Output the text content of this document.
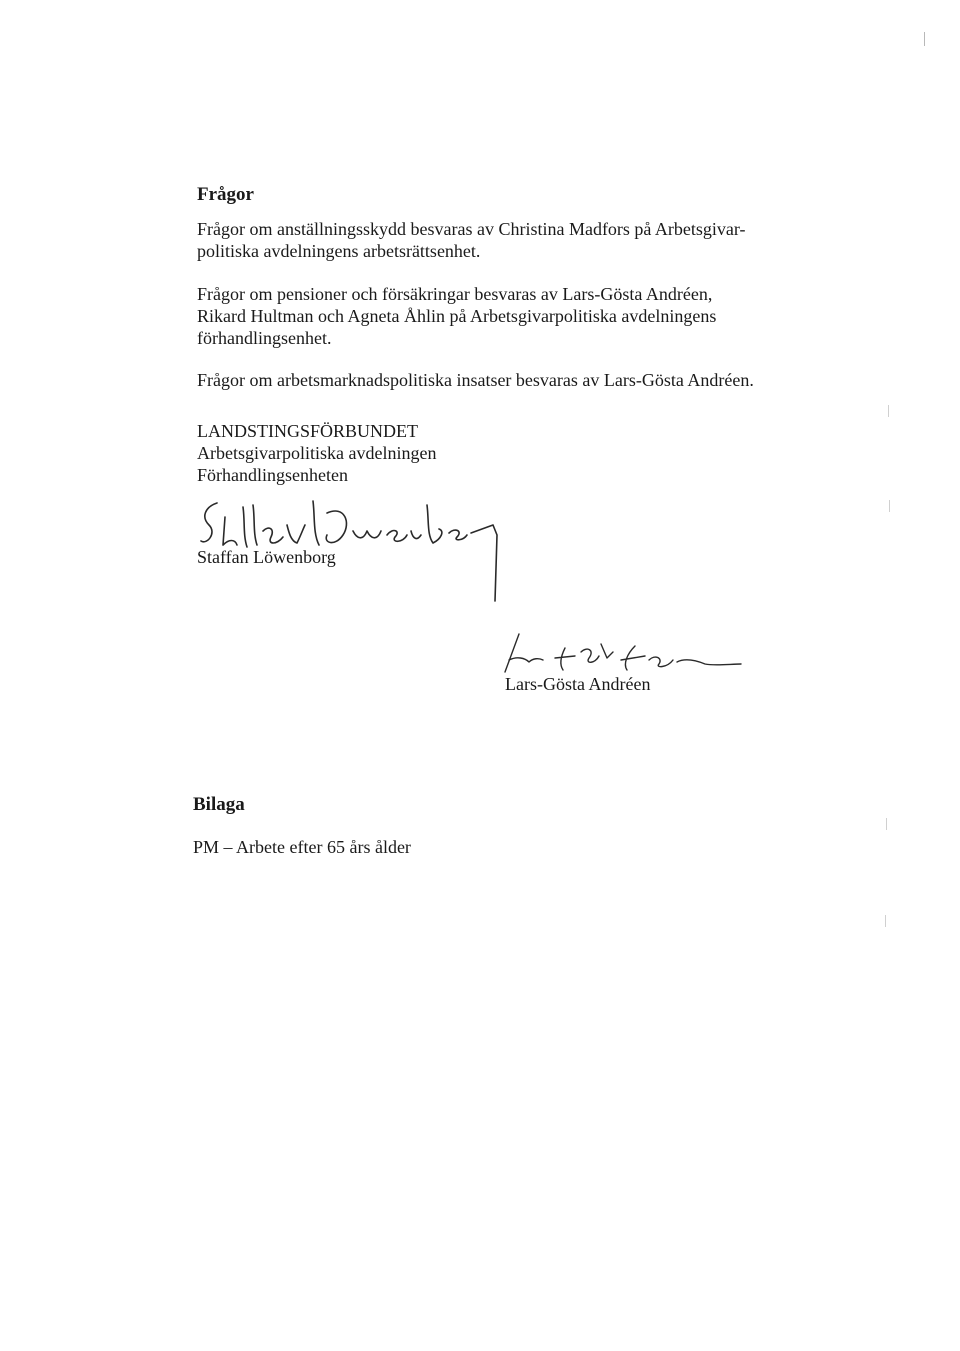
Frågor

Frågor om anställningsskydd besvaras av Christina Madfors på Arbetsgivar-
politiska avdelningens arbetsrättsenhet.

Frågor om pensioner och försäkringar besvaras av Lars-Gösta Andréen,
Rikard Hultman och Agneta Åhlin på Arbetsgivarpolitiska avdelningens
förhandlingsenhet.

Frågor om arbetsmarknadspolitiska insatser besvaras av Lars-Gösta Andréen.

LANDSTINGSFÖRBUNDET
Arbetsgivarpolitiska avdelningen
Förhandlingsenheten

Staffan Löwenborg

Lars-Gösta Andréen

Bilaga

PM – Arbete efter 65 års ålder
